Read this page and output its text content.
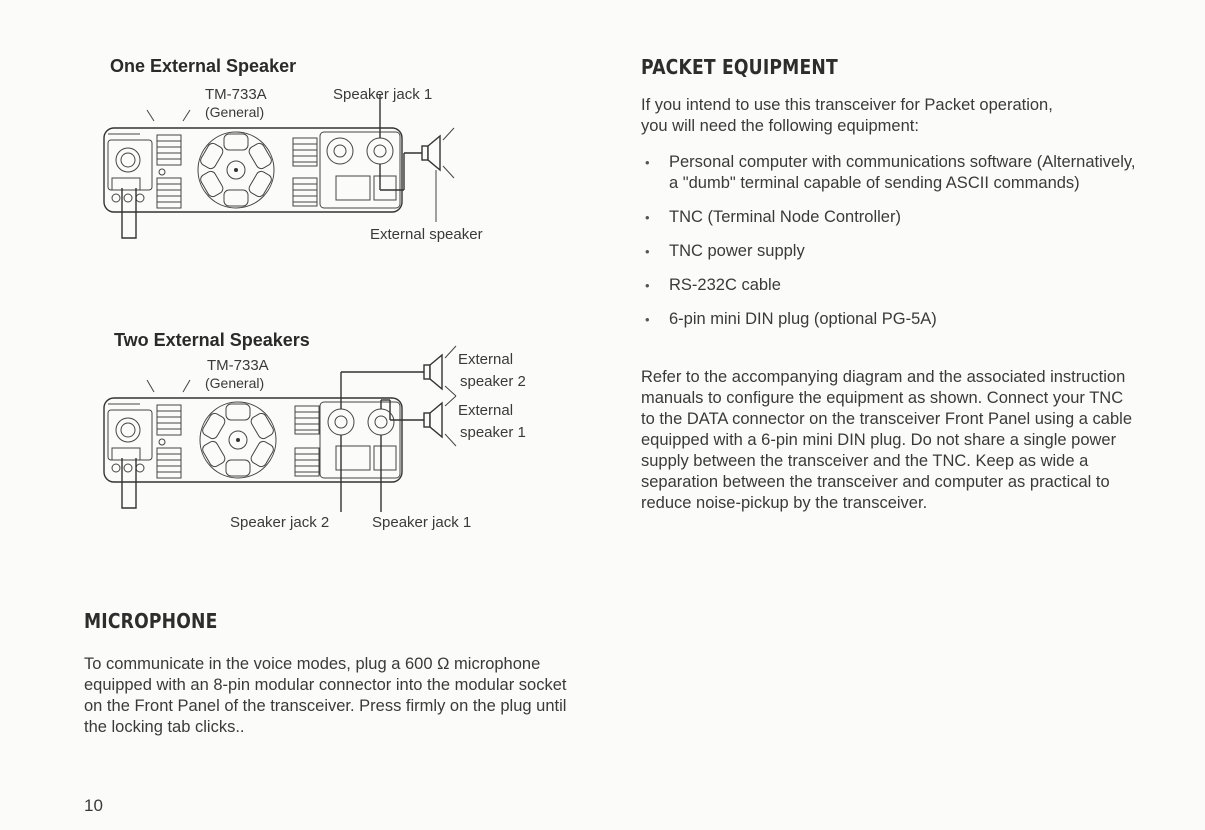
One External Speaker
TM-733A
(General)
Speaker jack 1
External speaker
Two External Speakers
TM-733A
(General)
External
speaker 2
External
speaker 1
Speaker jack 2	Speaker jack 1
MICROPHONE
To communicate in the voice modes, plug a 600 Ω microphone equipped with an 8-pin modular connector into the modular socket on the Front Panel of the transceiver. Press firmly on the plug until the locking tab clicks..
10
PACKET EQUIPMENT
If you intend to use this transceiver for Packet operation, you will need the following equipment:
• Personal computer with communications software (Alternatively, a "dumb" terminal capable of sending ASCII commands)
• TNC (Terminal Node Controller)
• TNC power supply
• RS-232C cable
• 6-pin mini DIN plug (optional PG-5A)
Refer to the accompanying diagram and the associated instruction manuals to configure the equipment as shown. Connect your TNC to the DATA connector on the transceiver Front Panel using a cable equipped with a 6-pin mini DIN plug. Do not share a single power supply between the transceiver and the TNC. Keep as wide a separation between the transceiver and computer as practical to reduce noise-pickup by the transceiver.
